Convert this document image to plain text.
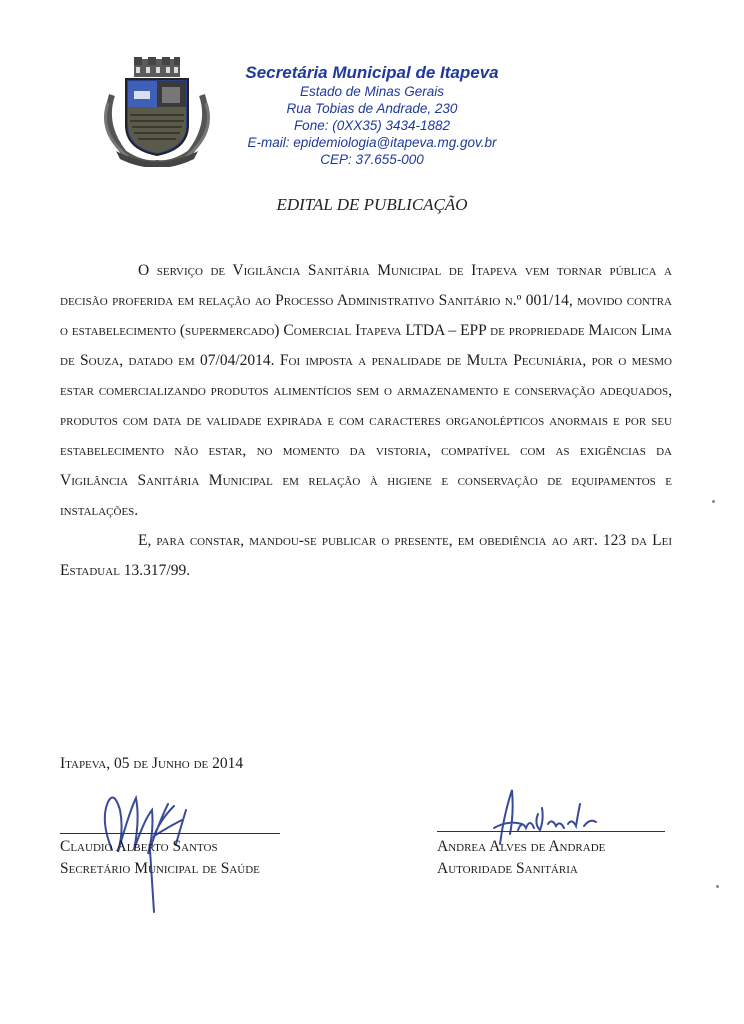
Secretária Municipal de Itapeva
Estado de Minas Gerais
Rua Tobias de Andrade, 230
Fone: (0XX35) 3434-1882
E-mail: epidemiologia@itapeva.mg.gov.br
CEP: 37.655-000
EDITAL DE PUBLICAÇÃO

O serviço de Vigilância Sanitária Municipal de Itapeva vem tornar pública a decisão proferida em relação ao Processo Administrativo Sanitário n.º 001/14, movido contra o estabelecimento (supermercado) Comercial Itapeva LTDA – EPP de propriedade Maicon Lima de Souza, datado em 07/04/2014. Foi imposta a penalidade de Multa Pecuniária, por o mesmo estar comercializando produtos alimentícios sem o armazenamento e conservação adequados, produtos com data de validade expirada e com caracteres organolépticos anormais e por seu estabelecimento não estar, no momento da vistoria, compatível com as exigências da Vigilância Sanitária Municipal em relação à higiene e conservação de equipamentos e instalações.

E, para constar, mandou-se publicar o presente, em obediência ao art. 123 da Lei Estadual 13.317/99.

Itapeva, 05 de Junho de 2014
Claudio Alberto Santos
Secretário Municipal de Saúde
Andrea Alves de Andrade
Autoridade Sanitária
